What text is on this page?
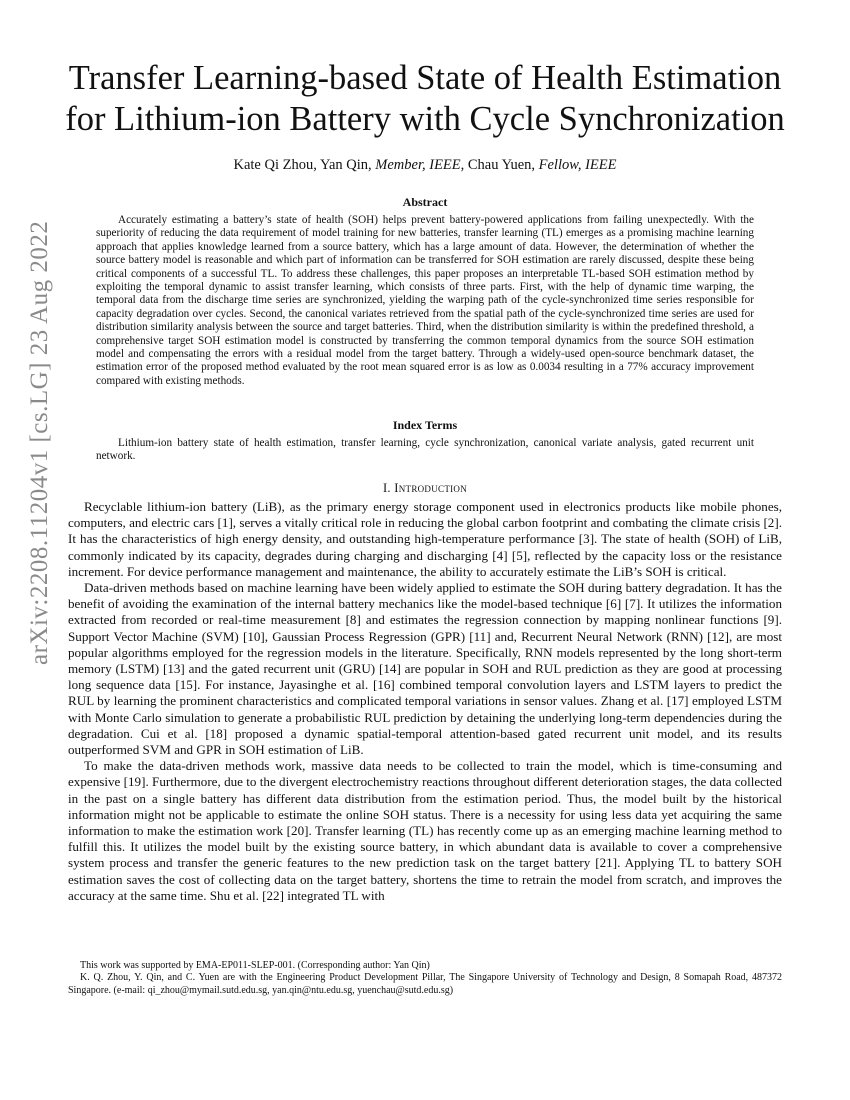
arXiv:2208.11204v1 [cs.LG] 23 Aug 2022
Transfer Learning-based State of Health Estimation for Lithium-ion Battery with Cycle Synchronization
Kate Qi Zhou, Yan Qin, Member, IEEE, Chau Yuen, Fellow, IEEE
Abstract

Accurately estimating a battery’s state of health (SOH) helps prevent battery-powered applications from failing unexpectedly. With the superiority of reducing the data requirement of model training for new batteries, transfer learning (TL) emerges as a promising machine learning approach that applies knowledge learned from a source battery, which has a large amount of data. However, the determination of whether the source battery model is reasonable and which part of information can be transferred for SOH estimation are rarely discussed, despite these being critical components of a successful TL. To address these challenges, this paper proposes an interpretable TL-based SOH estimation method by exploiting the temporal dynamic to assist transfer learning, which consists of three parts. First, with the help of dynamic time warping, the temporal data from the discharge time series are synchronized, yielding the warping path of the cycle-synchronized time series responsible for capacity degradation over cycles. Second, the canonical variates retrieved from the spatial path of the cycle-synchronized time series are used for distribution similarity analysis between the source and target batteries. Third, when the distribution similarity is within the predefined threshold, a comprehensive target SOH estimation model is constructed by transferring the common temporal dynamics from the source SOH estimation model and compensating the errors with a residual model from the target battery. Through a widely-used open-source benchmark dataset, the estimation error of the proposed method evaluated by the root mean squared error is as low as 0.0034 resulting in a 77% accuracy improvement compared with existing methods.

Index Terms

Lithium-ion battery state of health estimation, transfer learning, cycle synchronization, canonical variate analysis, gated recurrent unit network.

I. Introduction

Recyclable lithium-ion battery (LiB), as the primary energy storage component used in electronics products like mobile phones, computers, and electric cars [1], serves a vitally critical role in reducing the global carbon footprint and combating the climate crisis [2]. It has the characteristics of high energy density, and outstanding high-temperature performance [3]. The state of health (SOH) of LiB, commonly indicated by its capacity, degrades during charging and discharging [4] [5], reflected by the capacity loss or the resistance increment. For device performance management and maintenance, the ability to accurately estimate the LiB’s SOH is critical.

Data-driven methods based on machine learning have been widely applied to estimate the SOH during battery degradation. It has the benefit of avoiding the examination of the internal battery mechanics like the model-based technique [6] [7]. It utilizes the information extracted from recorded or real-time measurement [8] and estimates the regression connection by mapping nonlinear functions [9]. Support Vector Machine (SVM) [10], Gaussian Process Regression (GPR) [11] and, Recurrent Neural Network (RNN) [12], are most popular algorithms employed for the regression models in the literature. Specifically, RNN models represented by the long short-term memory (LSTM) [13] and the gated recurrent unit (GRU) [14] are popular in SOH and RUL prediction as they are good at processing long sequence data [15]. For instance, Jayasinghe et al. [16] combined temporal convolution layers and LSTM layers to predict the RUL by learning the prominent characteristics and complicated temporal variations in sensor values. Zhang et al. [17] employed LSTM with Monte Carlo simulation to generate a probabilistic RUL prediction by detaining the underlying long-term dependencies during the degradation. Cui et al. [18] proposed a dynamic spatial-temporal attention-based gated recurrent unit model, and its results outperformed SVM and GPR in SOH estimation of LiB.

To make the data-driven methods work, massive data needs to be collected to train the model, which is time-consuming and expensive [19]. Furthermore, due to the divergent electrochemistry reactions throughout different deterioration stages, the data collected in the past on a single battery has different data distribution from the estimation period. Thus, the model built by the historical information might not be applicable to estimate the online SOH status. There is a necessity for using less data yet acquiring the same information to make the estimation work [20]. Transfer learning (TL) has recently come up as an emerging machine learning method to fulfill this. It utilizes the model built by the existing source battery, in which abundant data is available to cover a comprehensive system process and transfer the generic features to the new prediction task on the target battery [21]. Applying TL to battery SOH estimation saves the cost of collecting data on the target battery, shortens the time to retrain the model from scratch, and improves the accuracy at the same time. Shu et al. [22] integrated TL with

This work was supported by EMA-EP011-SLEP-001. (Corresponding author: Yan Qin)

K. Q. Zhou, Y. Qin, and C. Yuen are with the Engineering Product Development Pillar, The Singapore University of Technology and Design, 8 Somapah Road, 487372 Singapore. (e-mail: qi_zhou@mymail.sutd.edu.sg, yan.qin@ntu.edu.sg, yuenchau@sutd.edu.sg)
